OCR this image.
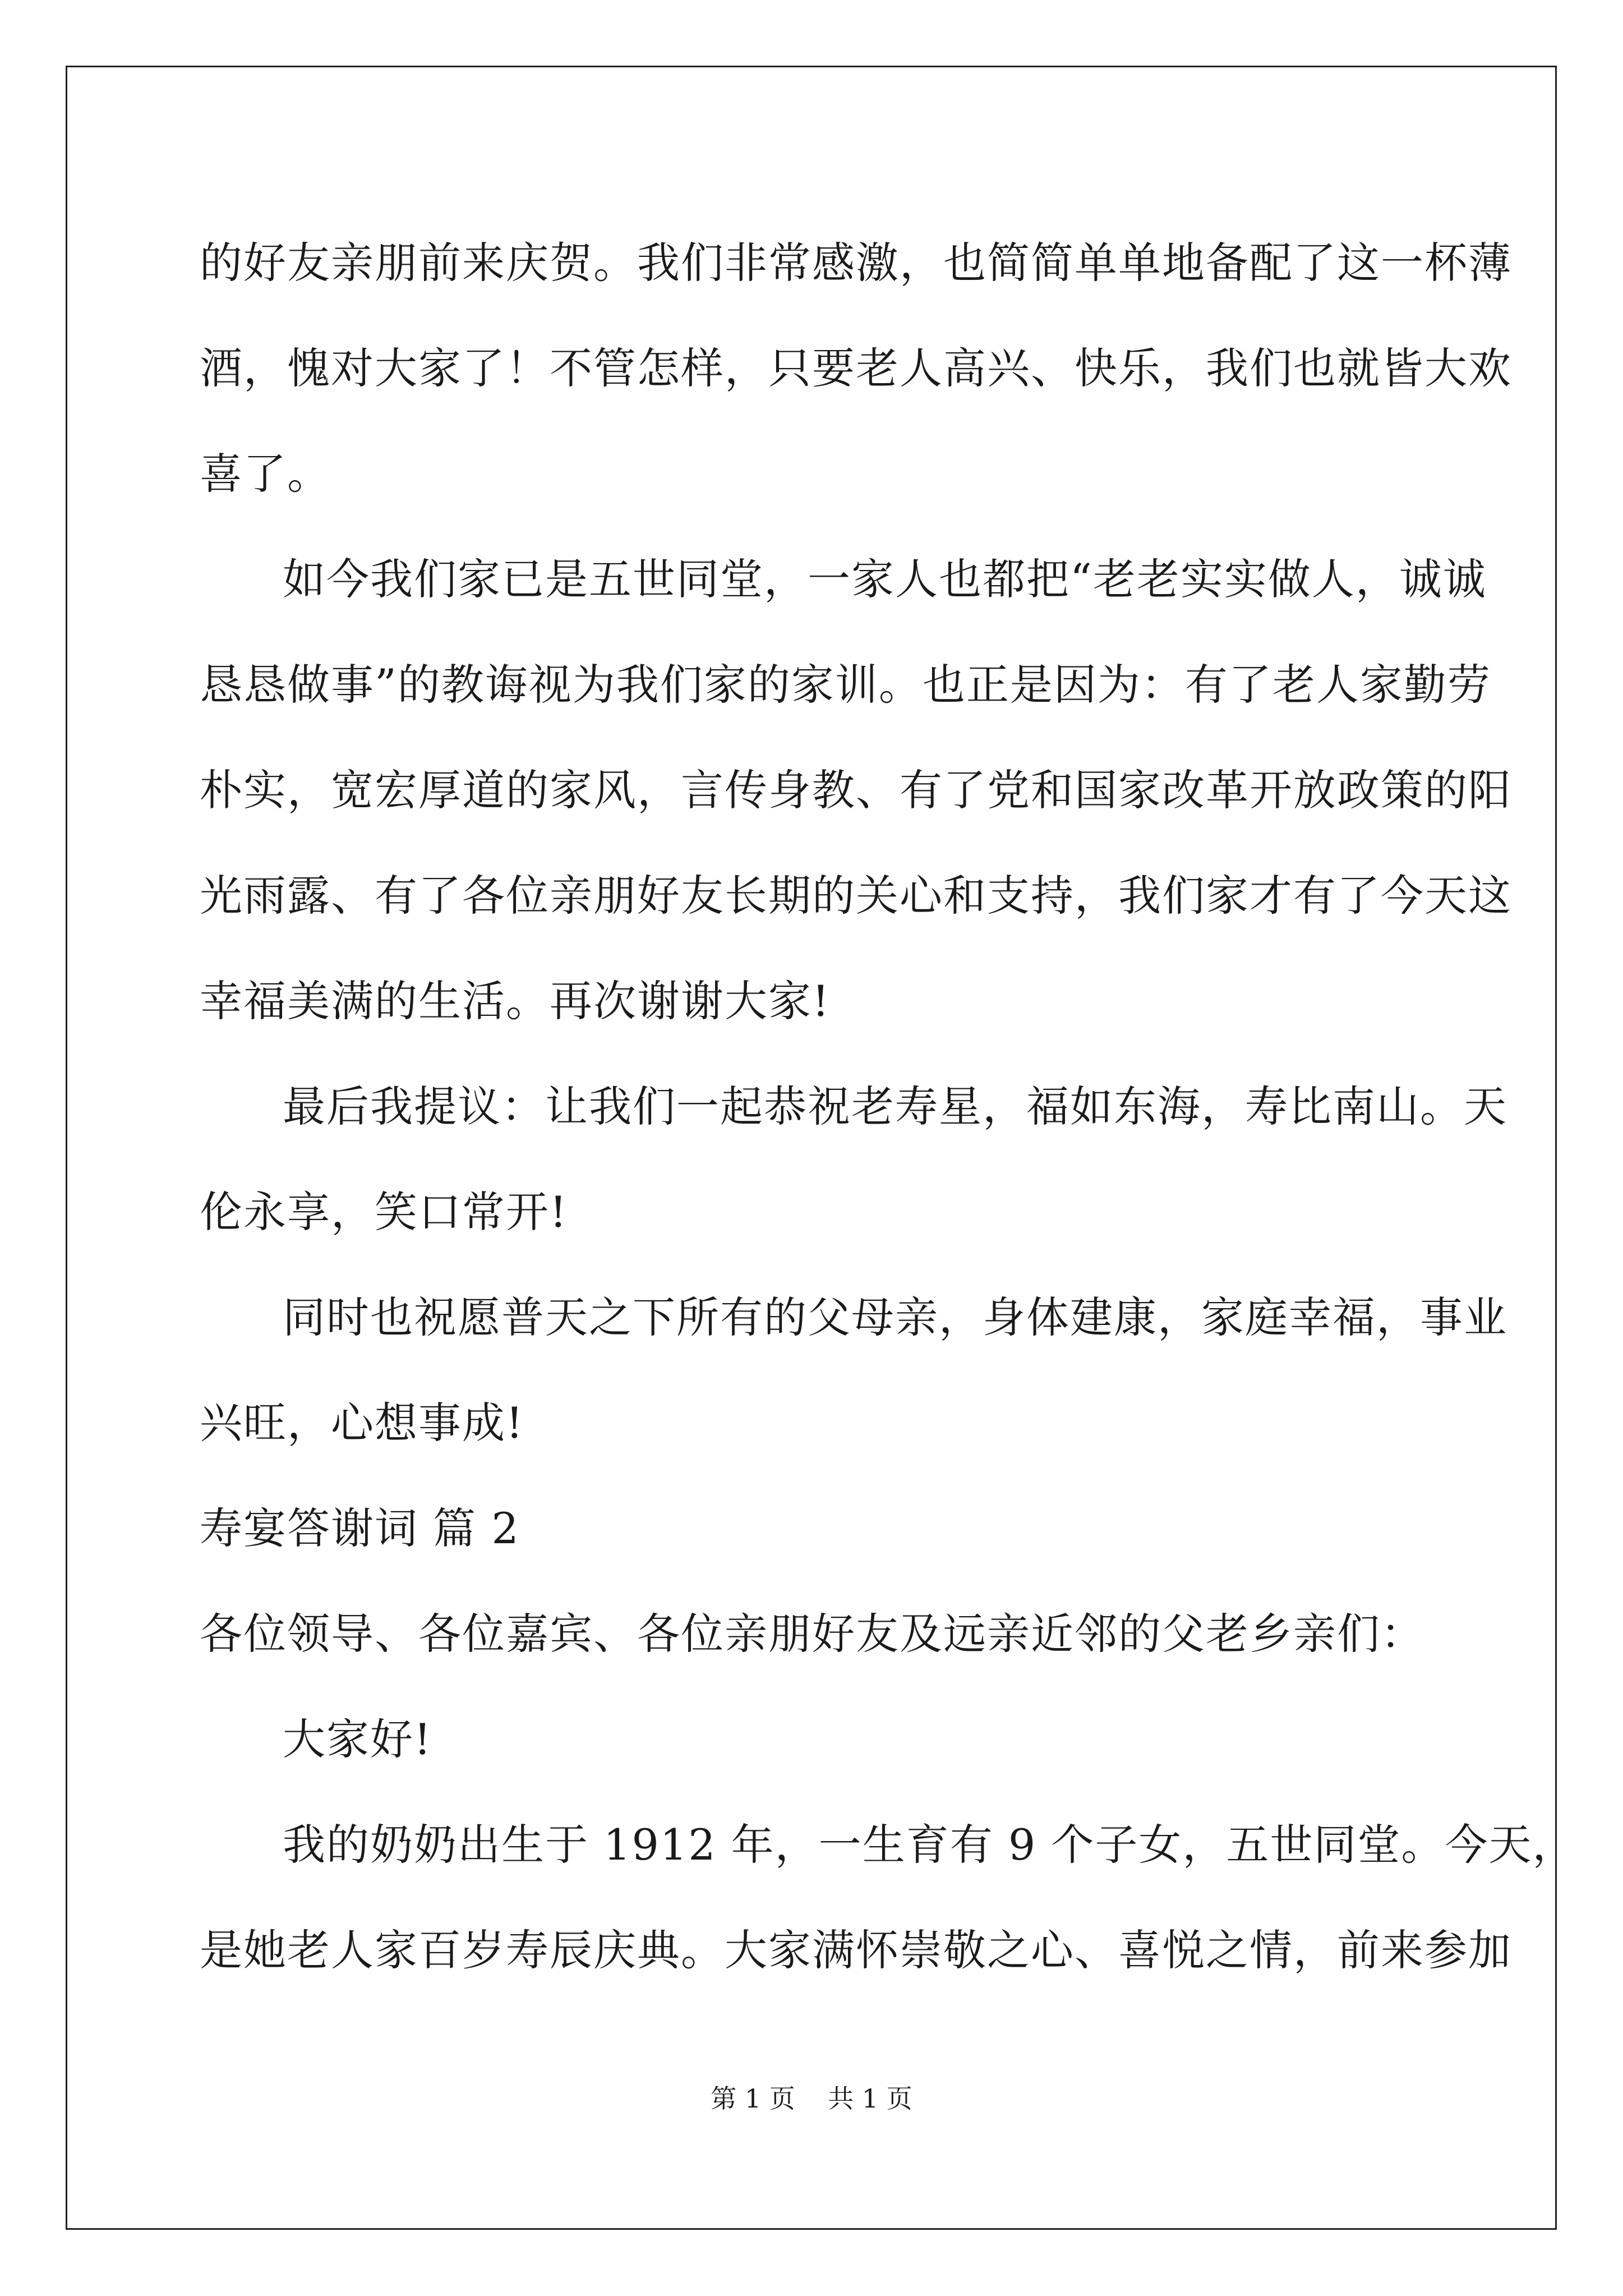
的好友亲朋前来庆贺。我们非常感激，也简简单单地备配了这一杯薄
酒，愧对大家了！不管怎样，只要老人高兴、快乐，我们也就皆大欢
喜了。
如今我们家已是五世同堂，一家人也都把“老老实实做人，诚诚
恳恳做事”的教诲视为我们家的家训。也正是因为：有了老人家勤劳
朴实，宽宏厚道的家风，言传身教、有了党和国家改革开放政策的阳
光雨露、有了各位亲朋好友长期的关心和支持，我们家才有了今天这
幸福美满的生活。再次谢谢大家!
最后我提议：让我们一起恭祝老寿星，福如东海，寿比南山。天
伦永享，笑口常开!
同时也祝愿普天之下所有的父母亲，身体建康，家庭幸福，事业
兴旺，心想事成!
寿宴答谢词 篇 2
各位领导、各位嘉宾、各位亲朋好友及远亲近邻的父老乡亲们：
大家好!
我的奶奶出生于 1912 年，一生育有 9 个子女，五世同堂。今天，
是她老人家百岁寿辰庆典。大家满怀崇敬之心、喜悦之情，前来参加
第 1 页    共 1 页
